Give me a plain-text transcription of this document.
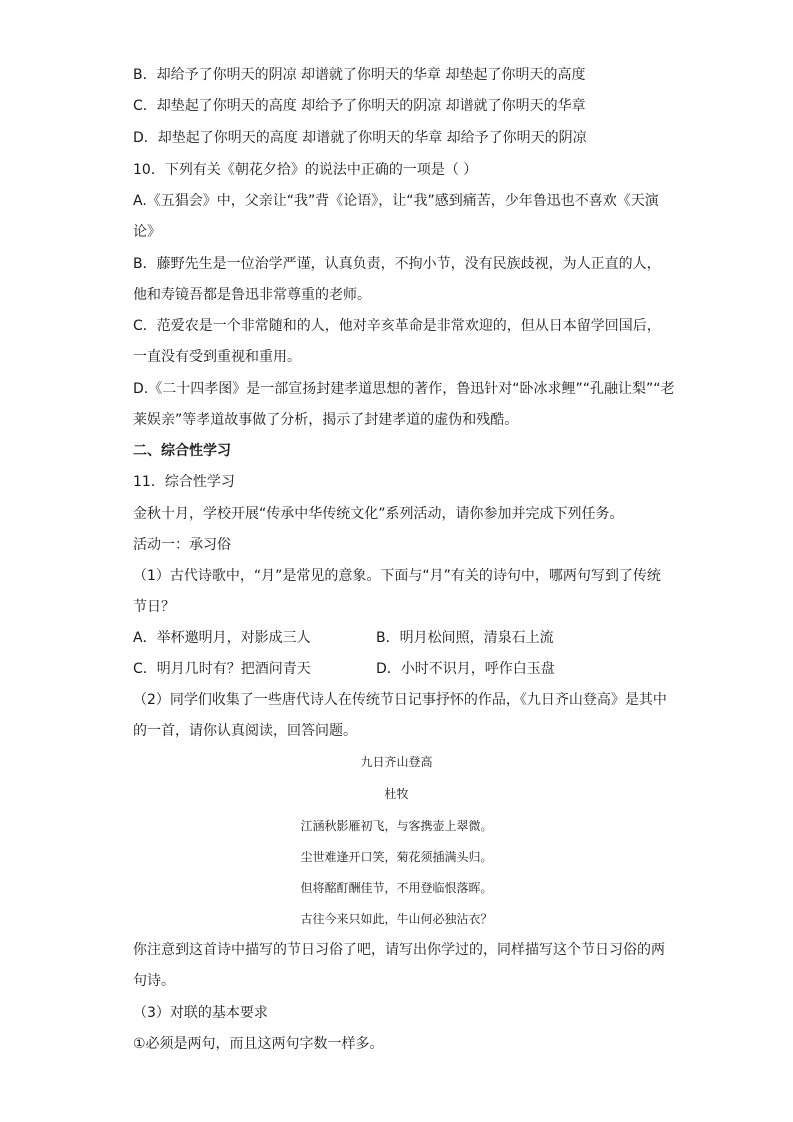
B．却给予了你明天的阴凉 却谱就了你明天的华章 却垫起了你明天的高度
C．却垫起了你明天的高度 却给予了你明天的阴凉 却谱就了你明天的华章
D．却垫起了你明天的高度 却谱就了你明天的华章 却给予了你明天的阴凉
10．下列有关《朝花夕拾》的说法中正确的一项是（ ）
A.《五猖会》中，父亲让“我”背《论语》，让“我”感到痛苦，少年鲁迅也不喜欢《天演
论》
B．藤野先生是一位治学严谨，认真负责，不拘小节，没有民族歧视，为人正直的人，
他和寿镜吾都是鲁迅非常尊重的老师。
C．范爱农是一个非常随和的人，他对辛亥革命是非常欢迎的，但从日本留学回国后，
一直没有受到重视和重用。
D.《二十四孝图》是一部宣扬封建孝道思想的著作，鲁迅针对“卧冰求鲤”“孔融让梨”“老
莱娱亲”等孝道故事做了分析，揭示了封建孝道的虚伪和残酷。
二、综合性学习
11．综合性学习
金秋十月，学校开展“传承中华传统文化”系列活动，请你参加并完成下列任务。
活动一：承习俗
（1）古代诗歌中，“月”是常见的意象。下面与“月”有关的诗句中，哪两句写到了传统
节日？
A．举杯邀明月，对影成三人	B．明月松间照，清泉石上流
C．明月几时有？把酒问青天	D．小时不识月，呼作白玉盘
（2）同学们收集了一些唐代诗人在传统节日记事抒怀的作品，《九日齐山登高》是其中
的一首，请你认真阅读，回答问题。
九日齐山登高
杜牧
江涵秋影雁初飞，与客携壶上翠微。
尘世难逢开口笑，菊花须插满头归。
但将酩酊酬佳节，不用登临恨落晖。
古往今来只如此，牛山何必独沾衣？
你注意到这首诗中描写的节日习俗了吧，请写出你学过的，同样描写这个节日习俗的两
句诗。
（3）对联的基本要求
①必须是两句，而且这两句字数一样多。
